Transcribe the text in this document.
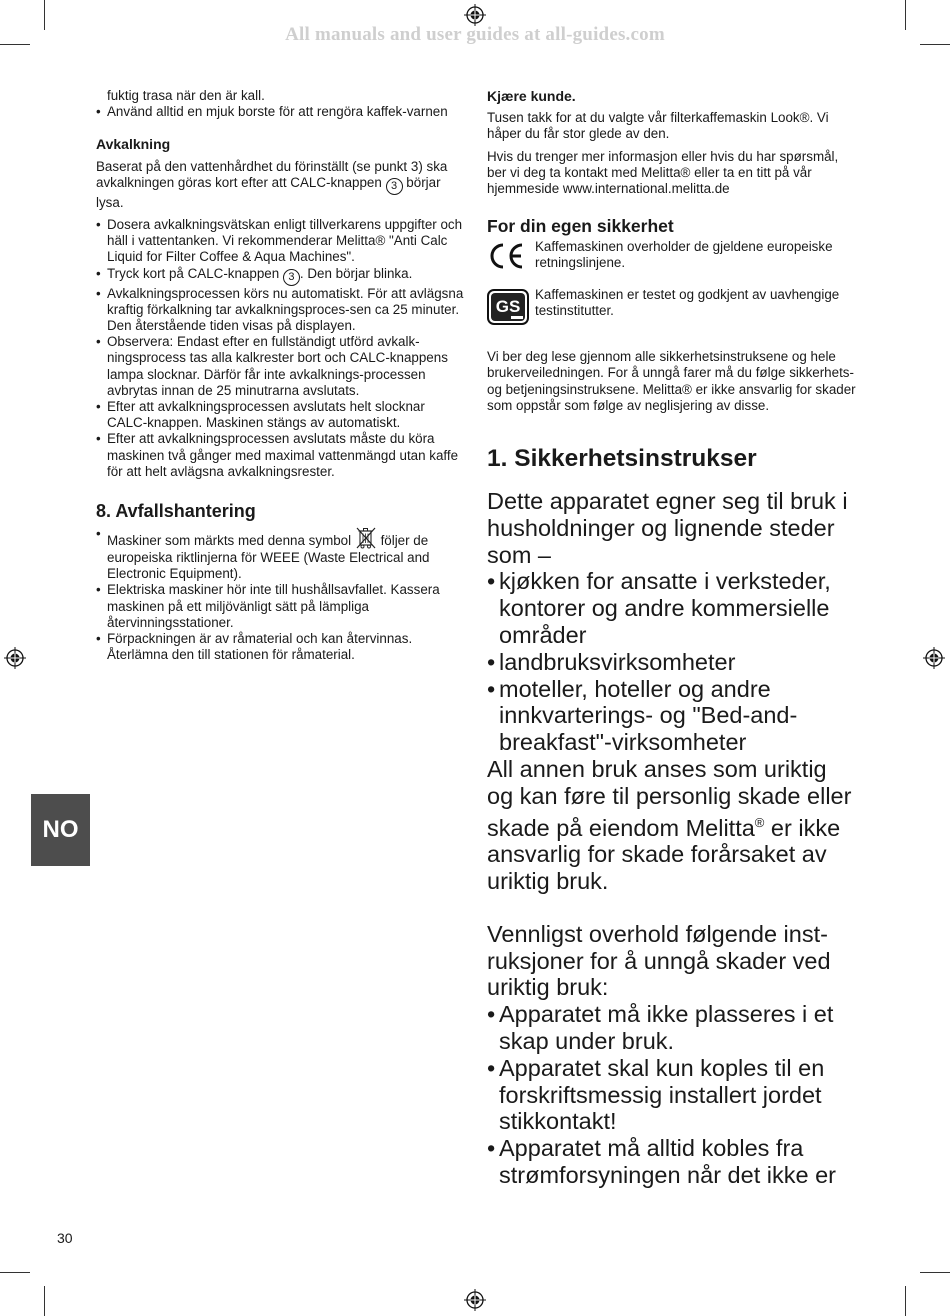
All manuals and user guides at all-guides.com

fuktig trasa när den är kall.

• Använd alltid en mjuk borste för att rengöra kaffek-varnen

Avkalkning

Baserat på den vattenhårdhet du förinställt (se punkt 3) ska avkalkningen göras kort efter att CALC-knappen 3 börjar lysa.

• Dosera avkalkningsvätskan enligt tillverkarens uppgifter och häll i vattentanken. Vi rekommenderar Melitta® "Anti Calc Liquid for Filter Coffee & Aqua Machines".
• Tryck kort på CALC-knappen 3 . Den börjar blinka.
• Avkalkningsprocessen körs nu automatiskt. För att avlägsna kraftig förkalkning tar avkalkningsproces-sen ca 25 minuter. Den återstående tiden visas på displayen.
• Observera: Endast efter en fullständigt utförd avkalk-ningsprocess tas alla kalkrester bort och CALC-knappens lampa slocknar. Därför får inte avkalknings-processen avbrytas innan de 25 minutrarna avslutats.
• Efter att avkalkningsprocessen avslutats helt slocknar CALC-knappen. Maskinen stängs av automatiskt.
• Efter att avkalkningsprocessen avslutats måste du köra maskinen två gånger med maximal vattenmängd utan kaffe för att helt avlägsna avkalkningsrester.

8. Avfallshantering

• Maskiner som märkts med denna symbol följer de europeiska riktlinjerna för WEEE (Waste Electrical and Electronic Equipment).
• Elektriska maskiner hör inte till hushållsavfallet. Kassera maskinen på ett miljövänligt sätt på lämpliga återvinningsstationer.
• Förpackningen är av råmaterial och kan återvinnas. Återlämna den till stationen för råmaterial.

Kjære kunde.

Tusen takk for at du valgte vår filterkaffemaskin Look®. Vi håper du får stor glede av den.

Hvis du trenger mer informasjon eller hvis du har spørsmål, ber vi deg ta kontakt med Melitta® eller ta en titt på vår hjemmeside www.international.melitta.de

For din egen sikkerhet

Kaffemaskinen overholder de gjeldene europeiske retningslinjene.

GS

Kaffemaskinen er testet og godkjent av uavhengige testinstitutter.

Vi ber deg lese gjennom alle sikkerhetsinstruksene og hele brukerveiledningen. For å unngå farer må du følge sikkerhets- og betjeningsinstruksene. Melitta® er ikke ansvarlig for skader som oppstår som følge av neglisjering av disse.

1. Sikkerhetsinstrukser

Dette apparatet egner seg til bruk i husholdninger og lignende steder som –

• kjøkken for ansatte i verksteder, kontorer og andre kommersielle områder
• landbruksvirksomheter
• moteller, hoteller og andre innkvarterings- og "Bed-and-breakfast"-virksomheter

All annen bruk anses som uriktig og kan føre til personlig skade eller skade på eiendom Melitta® er ikke ansvarlig for skade forårsaket av uriktig bruk.

Vennligst overhold følgende inst-ruksjoner for å unngå skader ved uriktig bruk:

• Apparatet må ikke plasseres i et skap under bruk.
• Apparatet skal kun koples til en forskriftsmessig installert jordet stikkontakt!
• Apparatet må alltid kobles fra strømforsyningen når det ikke er
NO
30
